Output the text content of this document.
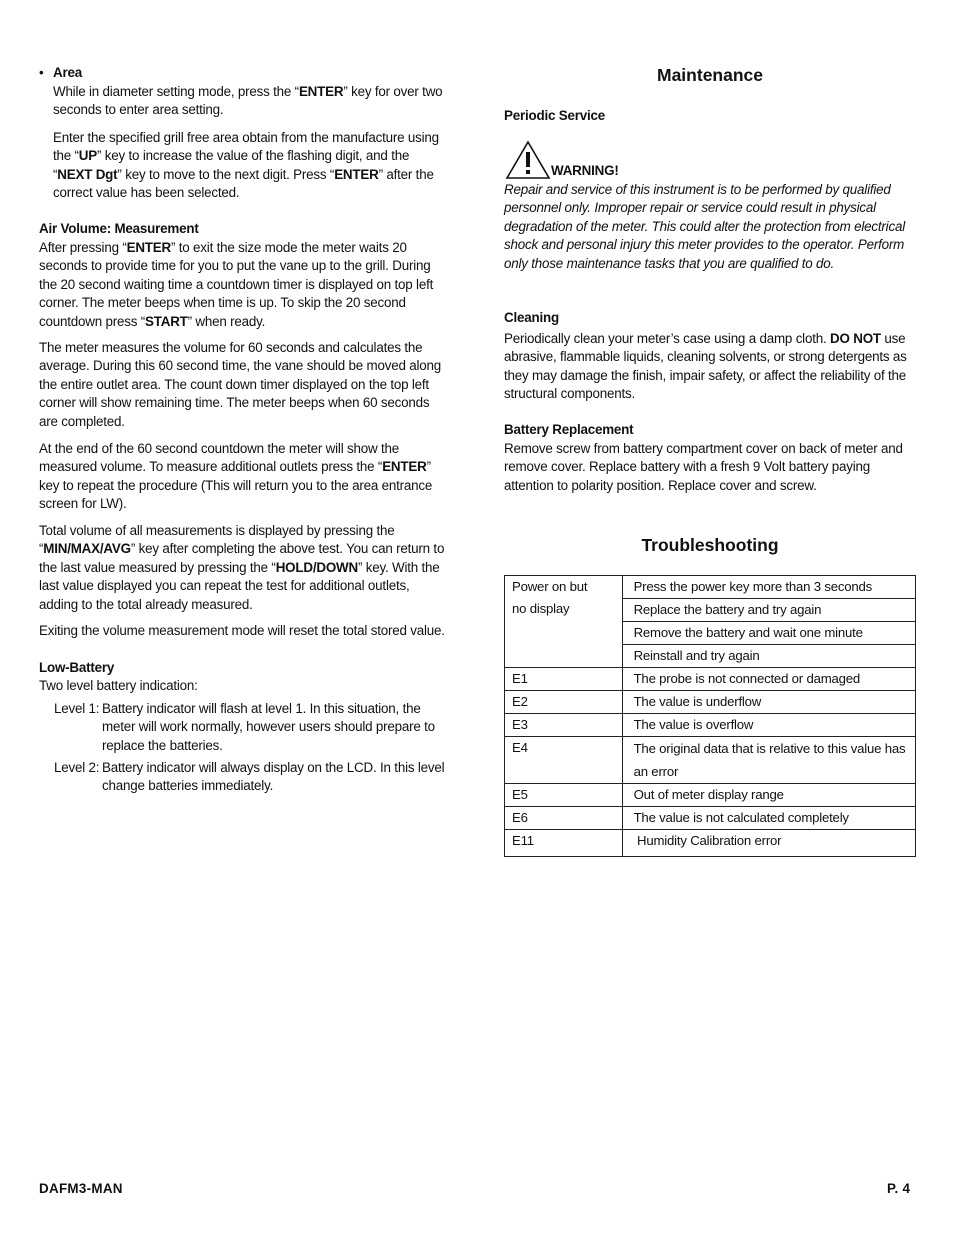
• Area
While in diameter setting mode, press the “ENTER” key for over two seconds to enter area setting.
Enter the specified grill free area obtain from the manufacture using the “UP” key to increase the value of the flashing digit, and the “NEXT Dgt” key to move to the next digit. Press “ENTER” after the correct value has been selected.
Air Volume: Measurement
After pressing “ENTER” to exit the size mode the meter waits 20 seconds to provide time for you to put the vane up to the grill. During the 20 second waiting time a countdown timer is displayed on top left corner. The meter beeps when time is up. To skip the 20 second countdown press “START” when ready.
The meter measures the volume for 60 seconds and calculates the average. During this 60 second time, the vane should be moved along the entire outlet area. The count down timer displayed on the top left corner will show remaining time. The meter beeps when 60 seconds are completed.
At the end of the 60 second countdown the meter will show the measured volume. To measure additional outlets press the “ENTER” key to repeat the procedure (This will return you to the area entrance screen for LW).
Total volume of all measurements is displayed by pressing the “MIN/MAX/AVG” key after completing the above test. You can return to the last value measured by pressing the “HOLD/DOWN” key. With the last value displayed you can repeat the test for additional outlets, adding to the total already measured.
Exiting the volume measurement mode will reset the total stored value.
Low-Battery
Two level battery indication:
Level 1: Battery indicator will flash at level 1. In this situation, the meter will work normally, however users should prepare to replace the batteries.
Level 2: Battery indicator will always display on the LCD. In this level change batteries immediately.
Maintenance
Periodic Service
WARNING!
Repair and service of this instrument is to be performed by qualified personnel only. Improper repair or service could result in physical degradation of the meter. This could alter the protection from electrical shock and personal injury this meter provides to the operator. Perform only those maintenance tasks that you are qualified to do.
Cleaning
Periodically clean your meter’s case using a damp cloth. DO NOT use abrasive, flammable liquids, cleaning solvents, or strong detergents as they may damage the finish, impair safety, or affect the reliability of the structural components.
Battery Replacement
Remove screw from battery compartment cover on back of meter and remove cover. Replace battery with a fresh 9 Volt battery paying attention to polarity position. Replace cover and screw.
Troubleshooting
Power on but
no display	Press the power key more than 3 seconds
	Replace the battery and try again
	Remove the battery and wait one minute
	Reinstall and try again
E1	The probe is not connected or damaged
E2	The value is underflow
E3	The value is overflow
E4	The original data that is relative to this value has an error
E5	Out of meter display range
E6	The value is not calculated completely
E11	Humidity Calibration error
DAFM3-MAN	P. 4
